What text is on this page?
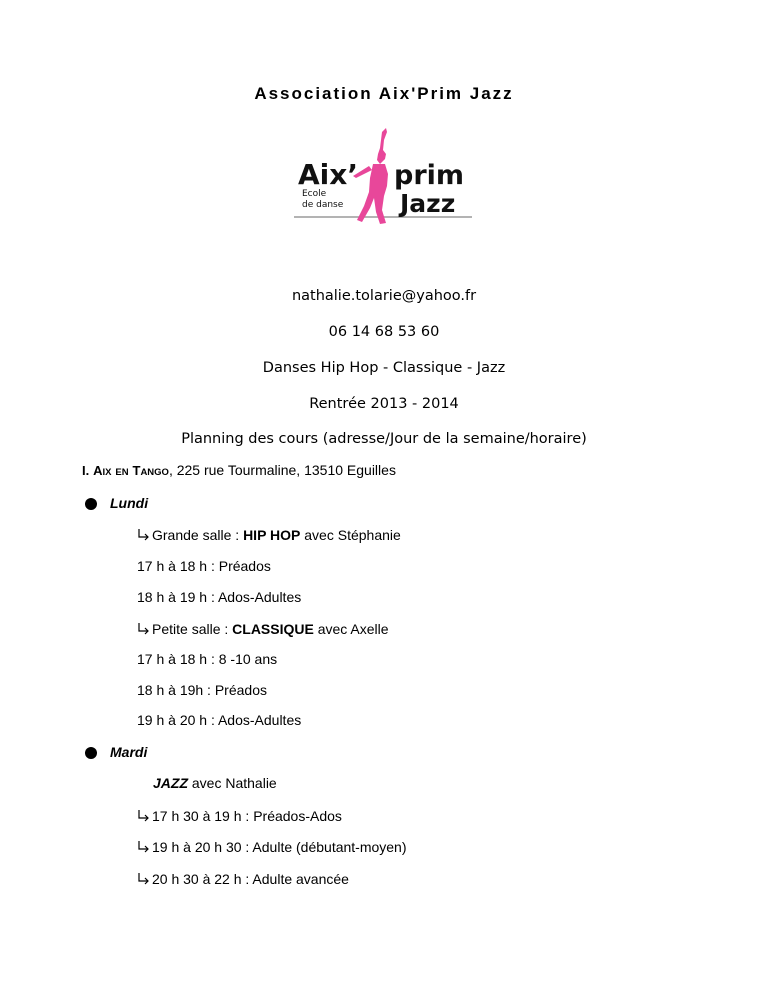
Association Aix'Prim Jazz
Aix’
Ecole
de danse
prim
Jazz
nathalie.tolarie@yahoo.fr
06 14 68 53 60
Danses Hip Hop - Classique - Jazz
Rentrée 2013 - 2014
Planning des cours (adresse/Jour de la semaine/horaire)
I. AIX EN TANGO, 225 rue Tourmaline, 13510 Eguilles
Lundi
Grande salle : HIP HOP avec Stéphanie
17 h à 18 h : Préados
18 h à 19 h : Ados-Adultes
Petite salle : CLASSIQUE avec Axelle
17 h à 18 h : 8 -10 ans
18 h à 19h : Préados
19 h à 20 h : Ados-Adultes
Mardi
JAZZ avec Nathalie
17 h 30 à 19 h : Préados-Ados
19 h à 20 h 30 : Adulte (débutant-moyen)
20 h 30 à 22 h : Adulte avancée
